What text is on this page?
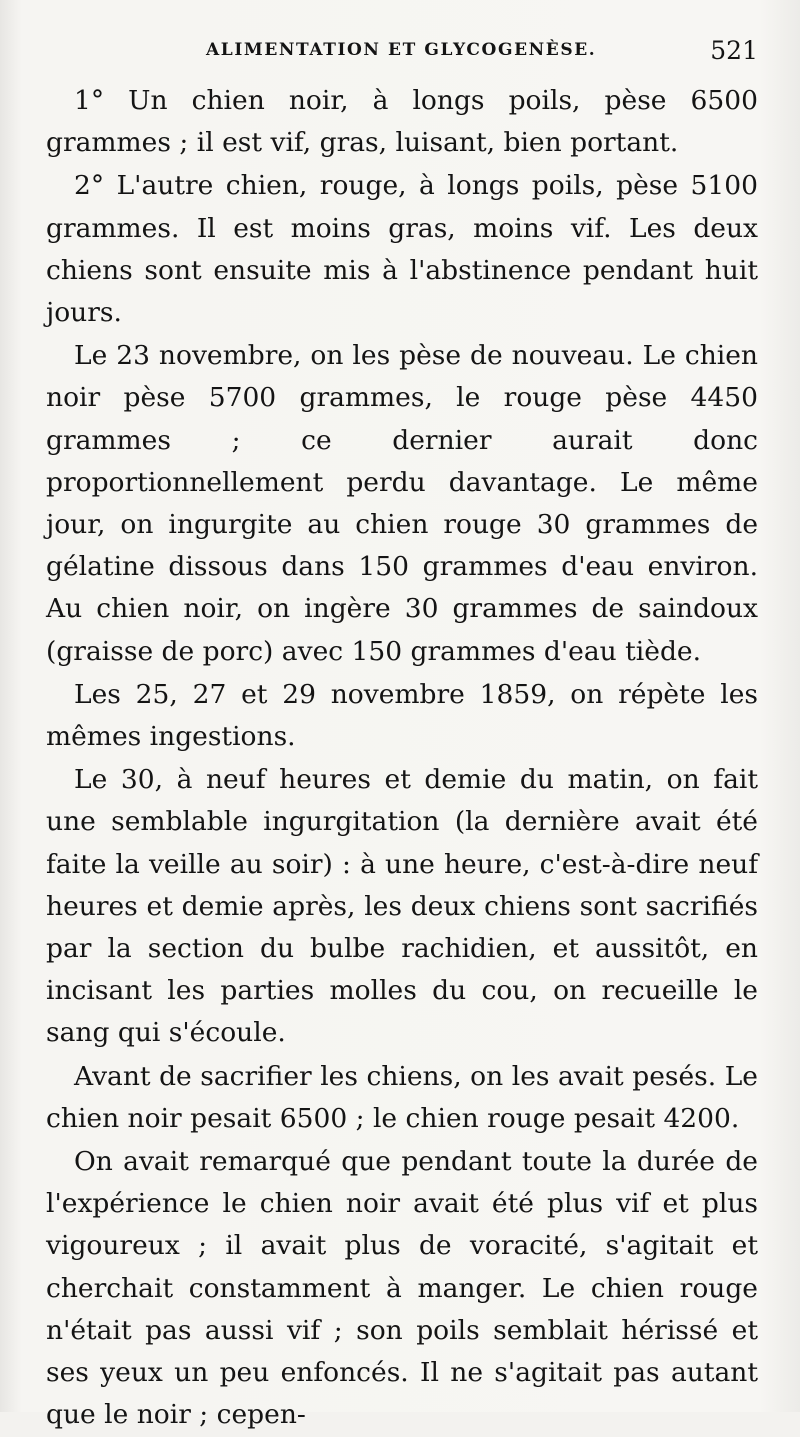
ALIMENTATION ET GLYCOGENÈSE.	521

1° Un chien noir, à longs poils, pèse 6500 grammes ; il est vif, gras, luisant, bien portant.

2° L'autre chien, rouge, à longs poils, pèse 5100 grammes. Il est moins gras, moins vif. Les deux chiens sont ensuite mis à l'abstinence pendant huit jours.

Le 23 novembre, on les pèse de nouveau. Le chien noir pèse 5700 grammes, le rouge pèse 4450 grammes ; ce dernier aurait donc proportionnellement perdu davantage. Le même jour, on ingurgite au chien rouge 30 grammes de gélatine dissous dans 150 grammes d'eau environ. Au chien noir, on ingère 30 grammes de saindoux (graisse de porc) avec 150 grammes d'eau tiède.

Les 25, 27 et 29 novembre 1859, on répète les mêmes ingestions.

Le 30, à neuf heures et demie du matin, on fait une semblable ingurgitation (la dernière avait été faite la veille au soir) : à une heure, c'est-à-dire neuf heures et demie après, les deux chiens sont sacrifiés par la section du bulbe rachidien, et aussitôt, en incisant les parties molles du cou, on recueille le sang qui s'écoule.

Avant de sacrifier les chiens, on les avait pesés. Le chien noir pesait 6500 ; le chien rouge pesait 4200.

On avait remarqué que pendant toute la durée de l'expérience le chien noir avait été plus vif et plus vigoureux ; il avait plus de voracité, s'agitait et cherchait constamment à manger. Le chien rouge n'était pas aussi vif ; son poils semblait hérissé et ses yeux un peu enfoncés. Il ne s'agitait pas autant que le noir ; cepen-
